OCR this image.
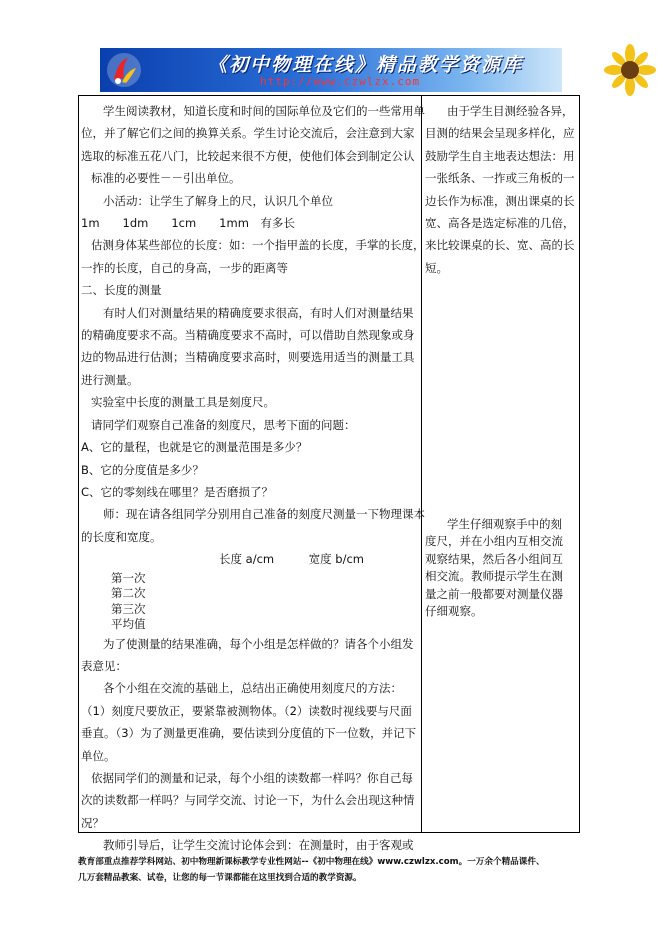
《初中物理在线》精品教学资源库
http://www.czwlzx.com

学生阅读教材，知道长度和时间的国际单位及它们的一些常用单

位，并了解它们之间的换算关系。学生讨论交流后，会注意到大家

选取的标准五花八门，比较起来很不方便，使他们体会到制定公认

标准的必要性－－引出单位。

小活动：让学生了解身上的尺，认识几个单位

1m　　1dm　　1cm　　1mm　有多长

估测身体某些部位的长度：如：一个指甲盖的长度，手掌的长度，

一拃的长度，自己的身高，一步的距离等

二、长度的测量

有时人们对测量结果的精确度要求很高，有时人们对测量结果

的精确度要求不高。当精确度要求不高时，可以借助自然现象或身

边的物品进行估测；当精确度要求高时，则要选用适当的测量工具

进行测量。

实验室中长度的测量工具是刻度尺。

请同学们观察自己准备的刻度尺，思考下面的问题：

A、它的量程，也就是它的测量范围是多少？

B、它的分度值是多少？

C、它的零刻线在哪里？是否磨损了？

师：现在请各组同学分别用自己准备的刻度尺测量一下物理课本

的长度和宽度。

长度 a/cm　　　	宽度 b/cm

第一次

第二次

第三次

平均值

为了使测量的结果准确，每个小组是怎样做的？请各个小组发

表意见：

各个小组在交流的基础上，总结出正确使用刻度尺的方法：

（1）刻度尺要放正，要紧靠被测物体。（2）读数时视线要与尺面

垂直。（3）为了测量更准确，要估读到分度值的下一位数，并记下

单位。

依据同学们的测量和记录，每个小组的读数都一样吗？你自己每

次的读数都一样吗？与同学交流、讨论一下，为什么会出现这种情

况？

教师引导后，让学生交流讨论体会到：在测量时，由于客观或

由于学生目测经验各异，

目测的结果会呈现多样化，应

鼓励学生自主地表达想法：用

一张纸条、一拃或三角板的一

边长作为标准，测出课桌的长

宽、高各是选定标准的几倍，

来比较课桌的长、宽、高的长

短。

学生仔细观察手中的刻

度尺，并在小组内互相交流

观察结果，然后各小组间互

相交流。教师提示学生在测

量之前一般都要对测量仪器

仔细观察。

教育部重点推荐学科网站、初中物理新课标教学专业性网站--《初中物理在线》www.czwlzx.com。一万余个精品课件、
几万套精品教案、试卷，让您的每一节课都能在这里找到合适的教学资源。
